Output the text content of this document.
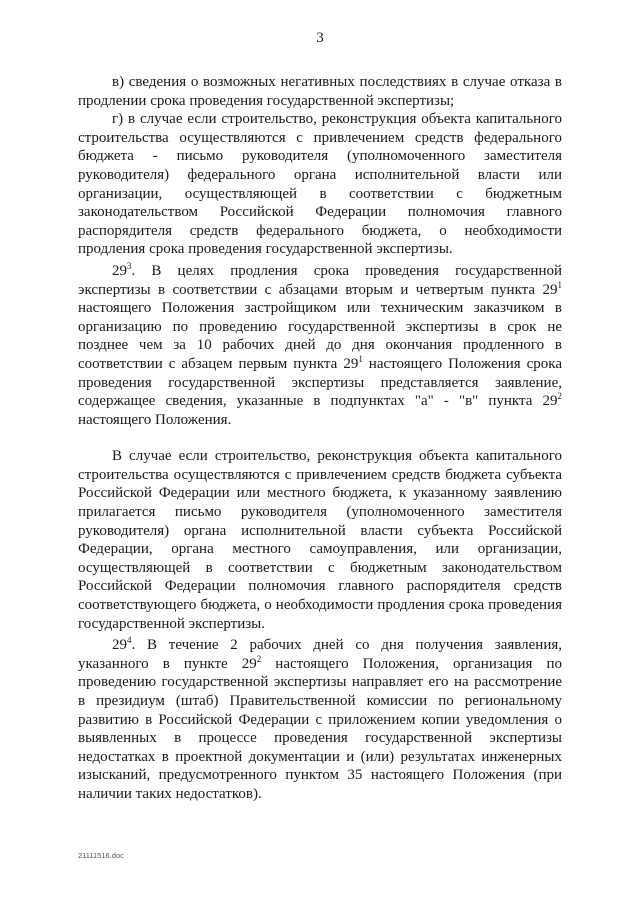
3

в) сведения о возможных негативных последствиях в случае отказа в продлении срока проведения государственной экспертизы;

г) в случае если строительство, реконструкция объекта капитального строительства осуществляются с привлечением средств федерального бюджета - письмо руководителя (уполномоченного заместителя руководителя) федерального органа исполнительной власти или организации, осуществляющей в соответствии с бюджетным законодательством Российской Федерации полномочия главного распорядителя средств федерального бюджета, о необходимости продления срока проведения государственной экспертизы.

$29^3$. В целях продления срока проведения государственной экспертизы в соответствии с абзацами вторым и четвертым пункта $29^1$ настоящего Положения застройщиком или техническим заказчиком в организацию по проведению государственной экспертизы в срок не позднее чем за 10 рабочих дней до дня окончания продленного в соответствии с абзацем первым пункта $29^1$ настоящего Положения срока проведения государственной экспертизы представляется заявление, содержащее сведения, указанные в подпунктах "а" - "в" пункта $29^2$ настоящего Положения.

В случае если строительство, реконструкция объекта капитального строительства осуществляются с привлечением средств бюджета субъекта Российской Федерации или местного бюджета, к указанному заявлению прилагается письмо руководителя (уполномоченного заместителя руководителя) органа исполнительной власти субъекта Российской Федерации, органа местного самоуправления, или организации, осуществляющей в соответствии с бюджетным законодательством Российской Федерации полномочия главного распорядителя средств соответствующего бюджета, о необходимости продления срока проведения государственной экспертизы.

$29^4$. В течение 2 рабочих дней со дня получения заявления, указанного в пункте $29^2$ настоящего Положения, организация по проведению государственной экспертизы направляет его на рассмотрение в президиум (штаб) Правительственной комиссии по региональному развитию в Российской Федерации с приложением копии уведомления о выявленных в процессе проведения государственной экспертизы недостатках в проектной документации и (или) результатах инженерных изысканий, предусмотренного пунктом 35 настоящего Положения (при наличии таких недостатков).

21111516.doc
